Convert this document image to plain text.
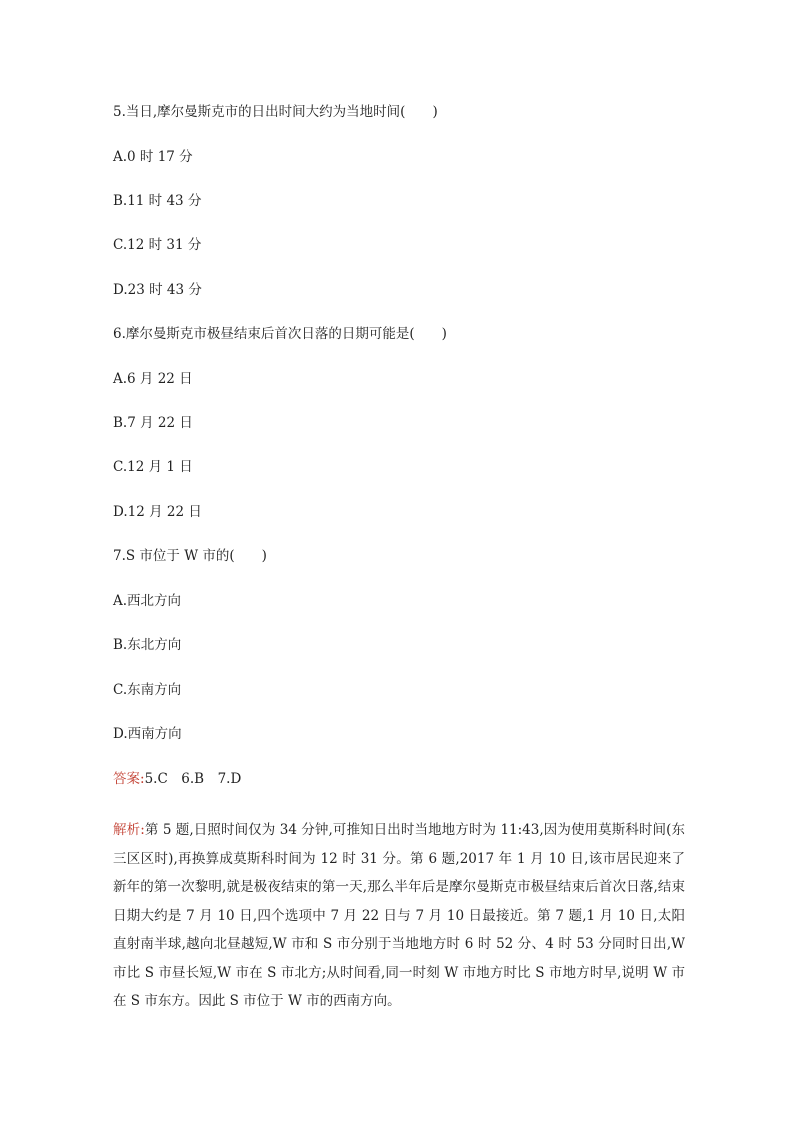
5.当日,摩尔曼斯克市的日出时间大约为当地时间(　　)
A.0 时 17 分
B.11 时 43 分
C.12 时 31 分
D.23 时 43 分
6.摩尔曼斯克市极昼结束后首次日落的日期可能是(　　)
A.6 月 22 日
B.7 月 22 日
C.12 月 1 日
D.12 月 22 日
7.S 市位于 W 市的(　　)
A.西北方向
B.东北方向
C.东南方向
D.西南方向
答案:5.C　6.B　7.D

解析:第 5 题,日照时间仅为 34 分钟,可推知日出时当地地方时为 11:43,因为使用莫斯科时间(东三区区时),再换算成莫斯科时间为 12 时 31 分。第 6 题,2017 年 1 月 10 日,该市居民迎来了新年的第一次黎明,就是极夜结束的第一天,那么半年后是摩尔曼斯克市极昼结束后首次日落,结束日期大约是 7 月 10 日,四个选项中 7 月 22 日与 7 月 10 日最接近。第 7 题,1 月 10 日,太阳直射南半球,越向北昼越短,W 市和 S 市分别于当地地方时 6 时 52 分、4 时 53 分同时日出,W 市比 S 市昼长短,W 市在 S 市北方;从时间看,同一时刻 W 市地方时比 S 市地方时早,说明 W 市在 S 市东方。因此 S 市位于 W 市的西南方向。
